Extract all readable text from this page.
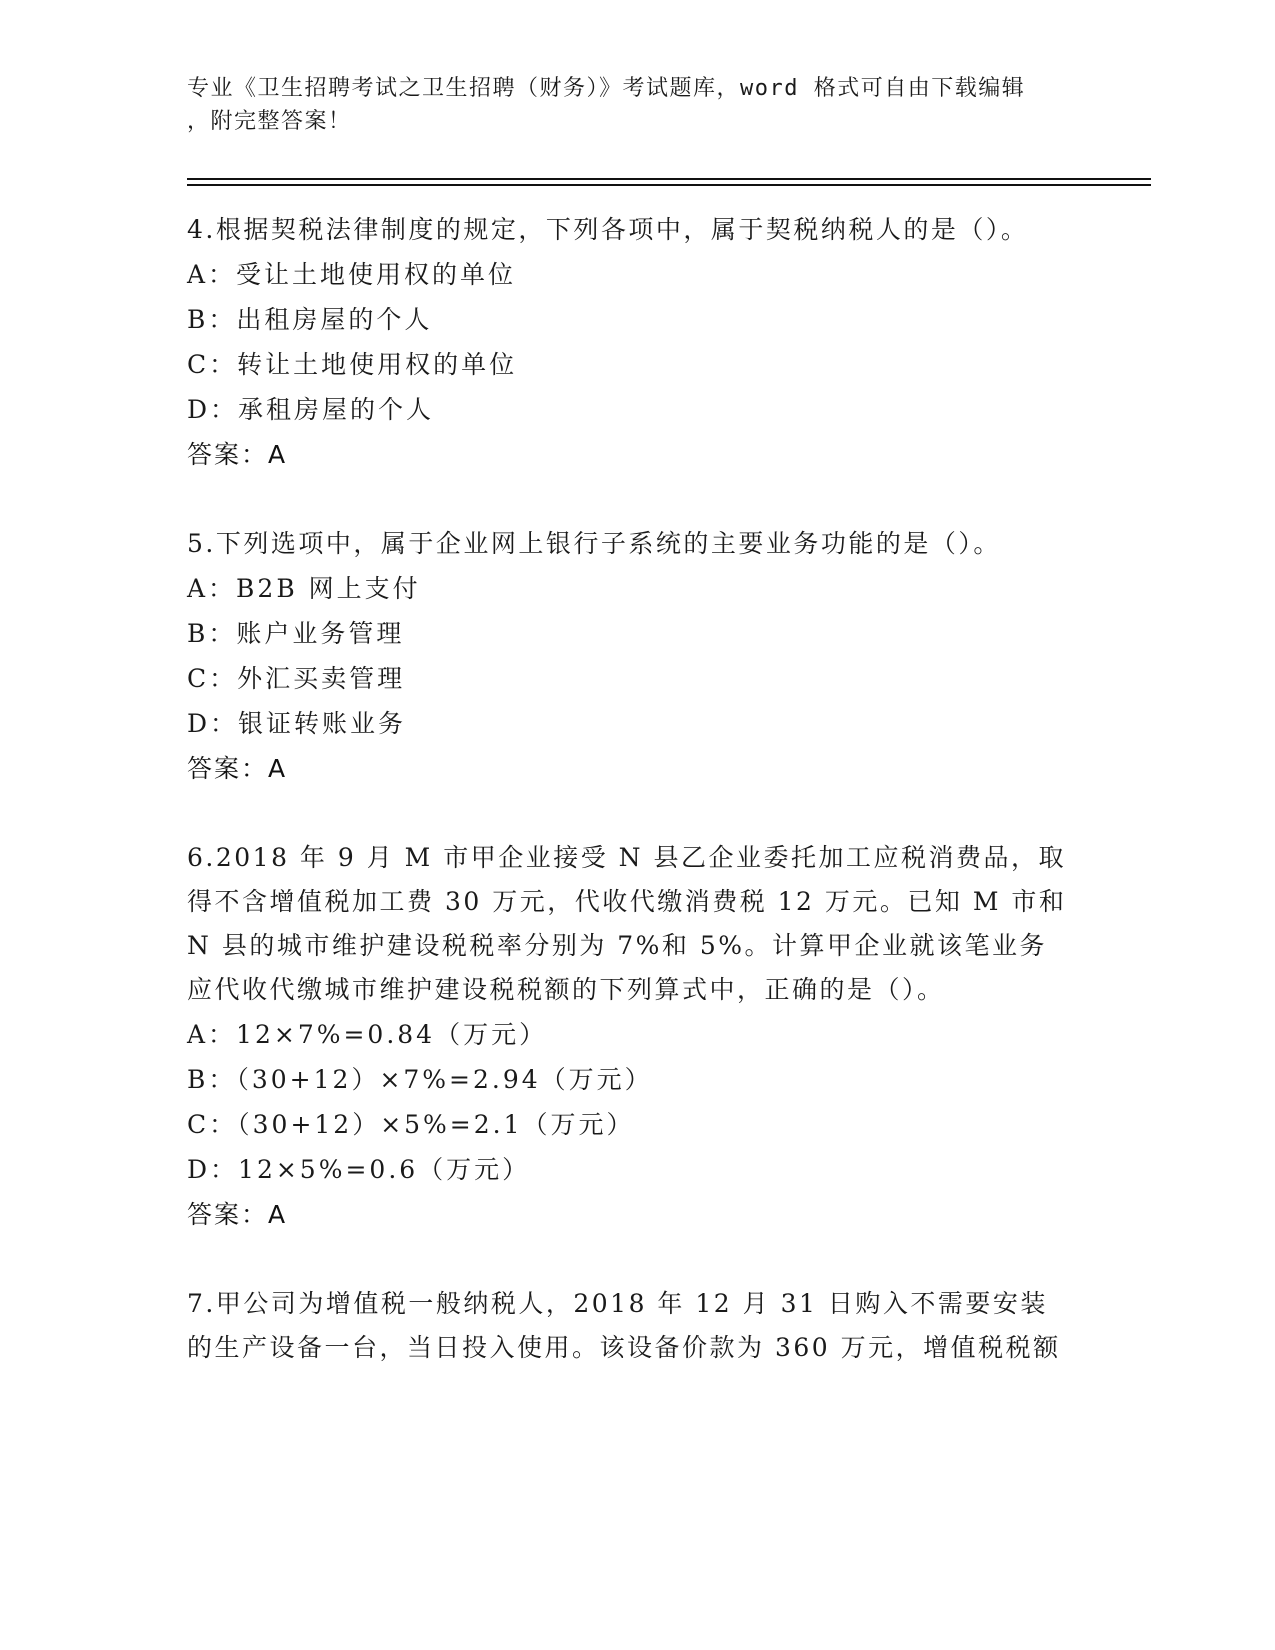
专业《卫生招聘考试之卫生招聘（财务）》考试题库，word 格式可自由下载编辑
，附完整答案！

4.根据契税法律制度的规定，下列各项中，属于契税纳税人的是（）。

A：受让土地使用权的单位

B：出租房屋的个人

C：转让土地使用权的单位

D：承租房屋的个人

答案：A

5.下列选项中，属于企业网上银行子系统的主要业务功能的是（）。

A：B2B 网上支付

B：账户业务管理

C：外汇买卖管理

D：银证转账业务

答案：A

6.2018 年 9 月 M 市甲企业接受 N 县乙企业委托加工应税消费品，取得不含增值税加工费 30 万元，代收代缴消费税 12 万元。已知 M 市和 N 县的城市维护建设税税率分别为 7%和 5%。计算甲企业就该笔业务应代收代缴城市维护建设税税额的下列算式中，正确的是（）。

A：12×7%=0.84（万元）

B：（30+12）×7%=2.94（万元）

C：（30+12）×5%=2.1（万元）

D：12×5%=0.6（万元）

答案：A

7.甲公司为增值税一般纳税人，2018 年 12 月 31 日购入不需要安装的生产设备一台，当日投入使用。该设备价款为 360 万元，增值税税额
